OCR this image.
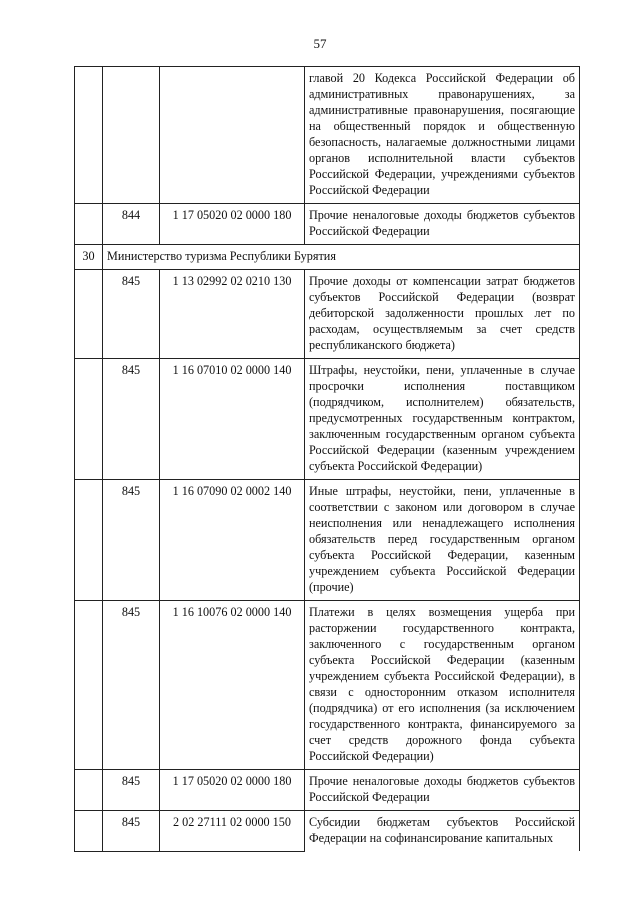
57
			главой 20 Кодекса Российской Федерации об административных правонарушениях, за административные правонарушения, посягающие на общественный порядок и общественную безопасность, налагаемые должностными лицами органов исполнительной власти субъектов Российской Федерации, учреждениями субъектов Российской Федерации
	844	1 17 05020 02 0000 180	Прочие неналоговые доходы бюджетов субъектов Российской Федерации
30	Министерство туризма Республики Бурятия		
	845	1 13 02992 02 0210 130	Прочие доходы от компенсации затрат бюджетов субъектов Российской Федерации (возврат дебиторской задолженности прошлых лет по расходам, осуществляемым за счет средств республиканского бюджета)
	845	1 16 07010 02 0000 140	Штрафы, неустойки, пени, уплаченные в случае просрочки исполнения поставщиком (подрядчиком, исполнителем) обязательств, предусмотренных государственным контрактом, заключенным государственным органом субъекта Российской Федерации (казенным учреждением субъекта Российской Федерации)
	845	1 16 07090 02 0002 140	Иные штрафы, неустойки, пени, уплаченные в соответствии с законом или договором в случае неисполнения или ненадлежащего исполнения обязательств перед государственным органом субъекта Российской Федерации, казенным учреждением субъекта Российской Федерации (прочие)
	845	1 16 10076 02 0000 140	Платежи в целях возмещения ущерба при расторжении государственного контракта, заключенного с государственным органом субъекта Российской Федерации (казенным учреждением субъекта Российской Федерации), в связи с односторонним отказом исполнителя (подрядчика) от его исполнения (за исключением государственного контракта, финансируемого за счет средств дорожного фонда субъекта Российской Федерации)
	845	1 17 05020 02 0000 180	Прочие неналоговые доходы бюджетов субъектов Российской Федерации
	845	2 02 27111 02 0000 150	Субсидии бюджетам субъектов Российской Федерации на софинансирование капитальных
